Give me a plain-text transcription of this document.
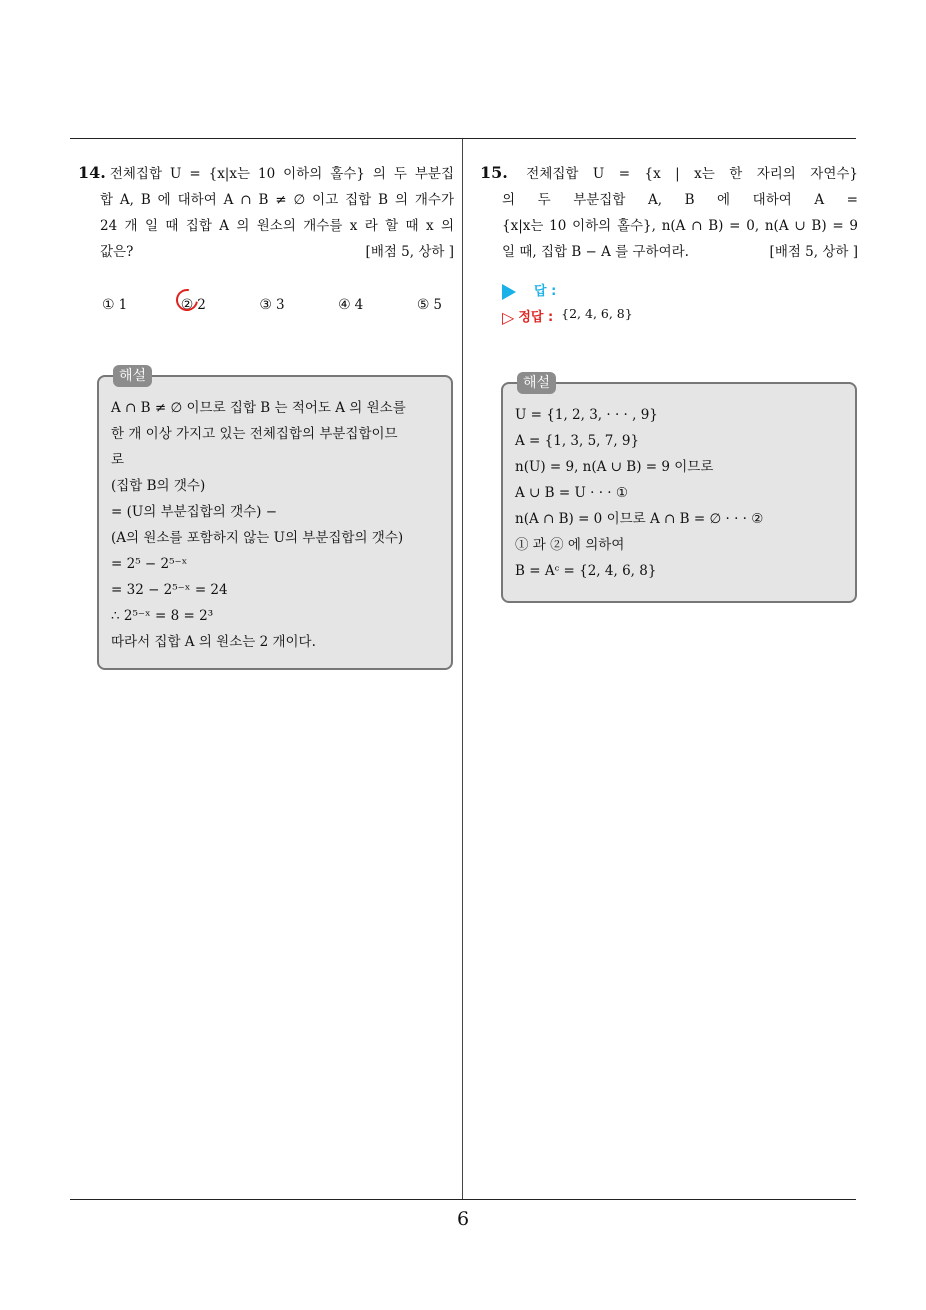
6
14. 전체집합 U = {x|x는 10 이하의 홀수} 의 두 부분집
합 A, B 에 대하여 A ∩ B ≠ ∅ 이고 집합 B 의 개수가
24 개 일 때 집합 A 의 원소의 개수를 x 라 할 때 x 의
값은?	[배점 5, 상하 ]
① 1	② 2	③ 3	④ 4	⑤ 5
해설
A ∩ B ≠ ∅ 이므로 집합 B 는 적어도 A 의 원소를
한 개 이상 가지고 있는 전체집합의 부분집합이므
로
(집합 B의 갯수)
= (U의 부분집합의 갯수) −
(A의 원소를 포함하지 않는 U의 부분집합의 갯수)
= 2⁵ − 2⁵⁻ˣ
= 32 − 2⁵⁻ˣ = 24
∴ 2⁵⁻ˣ = 8 = 2³
따라서 집합 A 의 원소는 2 개이다.
15. 전체집합 U = {x | x는 한 자리의 자연수}
의 두 부분집합 A, B 에 대하여 A =
{x|x는 10 이하의 홀수}, n(A ∩ B) = 0, n(A ∪ B) = 9
일 때, 집합 B − A 를 구하여라.	[배점 5, 상하 ]
답 :
▷ 정답 : {2, 4, 6, 8}
해설
U = {1, 2, 3, · · · , 9}
A = {1, 3, 5, 7, 9}
n(U) = 9, n(A ∪ B) = 9 이므로
A ∪ B = U · · · ①
n(A ∩ B) = 0 이므로 A ∩ B = ∅ · · · ②
① 과 ② 에 의하여
B = Aᶜ = {2, 4, 6, 8}
